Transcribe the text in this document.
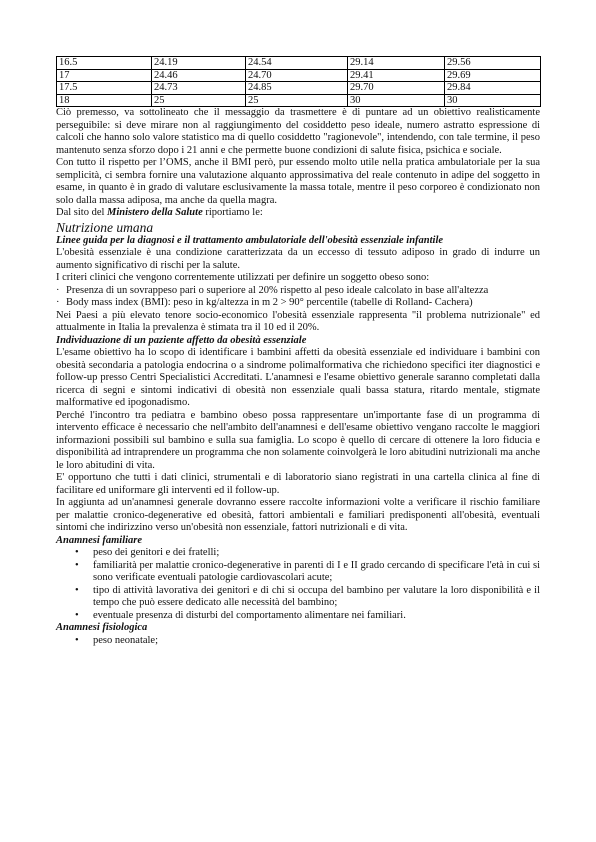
16.5	24.19	24.54	29.14	29.56
17	24.46	24.70	29.41	29.69
17.5	24.73	24.85	29.70	29.84
18	25	25	30	30

Ciò premesso, va sottolineato che il messaggio da trasmettere è di puntare ad un obiettivo realisticamente perseguibile: si deve mirare non al raggiungimento del cosiddetto peso ideale, numero astratto espressione di calcoli che hanno solo valore statistico ma di quello cosiddetto "ragionevole", intendendo, con tale termine, il peso mantenuto senza sforzo dopo i 21 anni e che permette buone condizioni di salute fisica, psichica e sociale.

Con tutto il rispetto per l’OMS, anche il BMI però, pur essendo molto utile nella pratica ambulatoriale per la sua semplicità, ci sembra fornire una valutazione alquanto approssimativa del reale contenuto in adipe del soggetto in esame, in quanto è in grado di valutare esclusivamente la massa totale, mentre il peso corporeo è condizionato non solo dalla massa adiposa, ma anche da quella magra.

Dal sito del Ministero della Salute riportiamo le:

Nutrizione umana

Linee guida per la diagnosi e il trattamento ambulatoriale dell'obesità essenziale infantile

L'obesità essenziale è una condizione caratterizzata da un eccesso di tessuto adiposo in grado di indurre un aumento significativo di rischi per la salute.

I criteri clinici che vengono correntemente utilizzati per definire un soggetto obeso sono:

· Presenza di un sovrappeso pari o superiore al 20% rispetto al peso ideale calcolato in base all'altezza

· Body mass index (BMI): peso in kg/altezza in m 2 > 90° percentile (tabelle di Rolland- Cachera)

Nei Paesi a più elevato tenore socio-economico l'obesità essenziale rappresenta "il problema nutrizionale" ed attualmente in Italia la prevalenza è stimata tra il 10 ed il 20%.

Individuazione di un paziente affetto da obesità essenziale

L'esame obiettivo ha lo scopo di identificare i bambini affetti da obesità essenziale ed individuare i bambini con obesità secondaria a patologia endocrina o a sindrome polimalformativa che richiedono specifici iter diagnostici e follow-up presso Centri Specialistici Accreditati. L'anamnesi e l'esame obiettivo generale saranno completati dalla ricerca di segni e sintomi indicativi di obesità non essenziale quali bassa statura, ritardo mentale, stigmate malformative ed ipogonadismo.

Perché l'incontro tra pediatra e bambino obeso possa rappresentare un'importante fase di un programma di intervento efficace è necessario che nell'ambito dell'anamnesi e dell'esame obiettivo vengano raccolte le maggiori informazioni possibili sul bambino e sulla sua famiglia. Lo scopo è quello di cercare di ottenere la loro fiducia e disponibilità ad intraprendere un programma che non solamente coinvolgerà le loro abitudini nutrizionali ma anche le loro abitudini di vita.

E' opportuno che tutti i dati clinici, strumentali e di laboratorio siano registrati in una cartella clinica al fine di facilitare ed uniformare gli interventi ed il follow-up.

In aggiunta ad un'anamnesi generale dovranno essere raccolte informazioni volte a verificare il rischio familiare per malattie cronico-degenerative ed obesità, fattori ambientali e familiari predisponenti all'obesità, eventuali sintomi che indirizzino verso un'obesità non essenziale, fattori nutrizionali e di vita.

Anamnesi familiare

• peso dei genitori e dei fratelli;
• familiarità per malattie cronico-degenerative in parenti di I e II grado cercando di specificare l'età in cui si sono verificate eventuali patologie cardiovascolari acute;
• tipo di attività lavorativa dei genitori e di chi si occupa del bambino per valutare la loro disponibilità e il tempo che può essere dedicato alle necessità del bambino;
• eventuale presenza di disturbi del comportamento alimentare nei familiari.

Anamnesi fisiologica

• peso neonatale;
